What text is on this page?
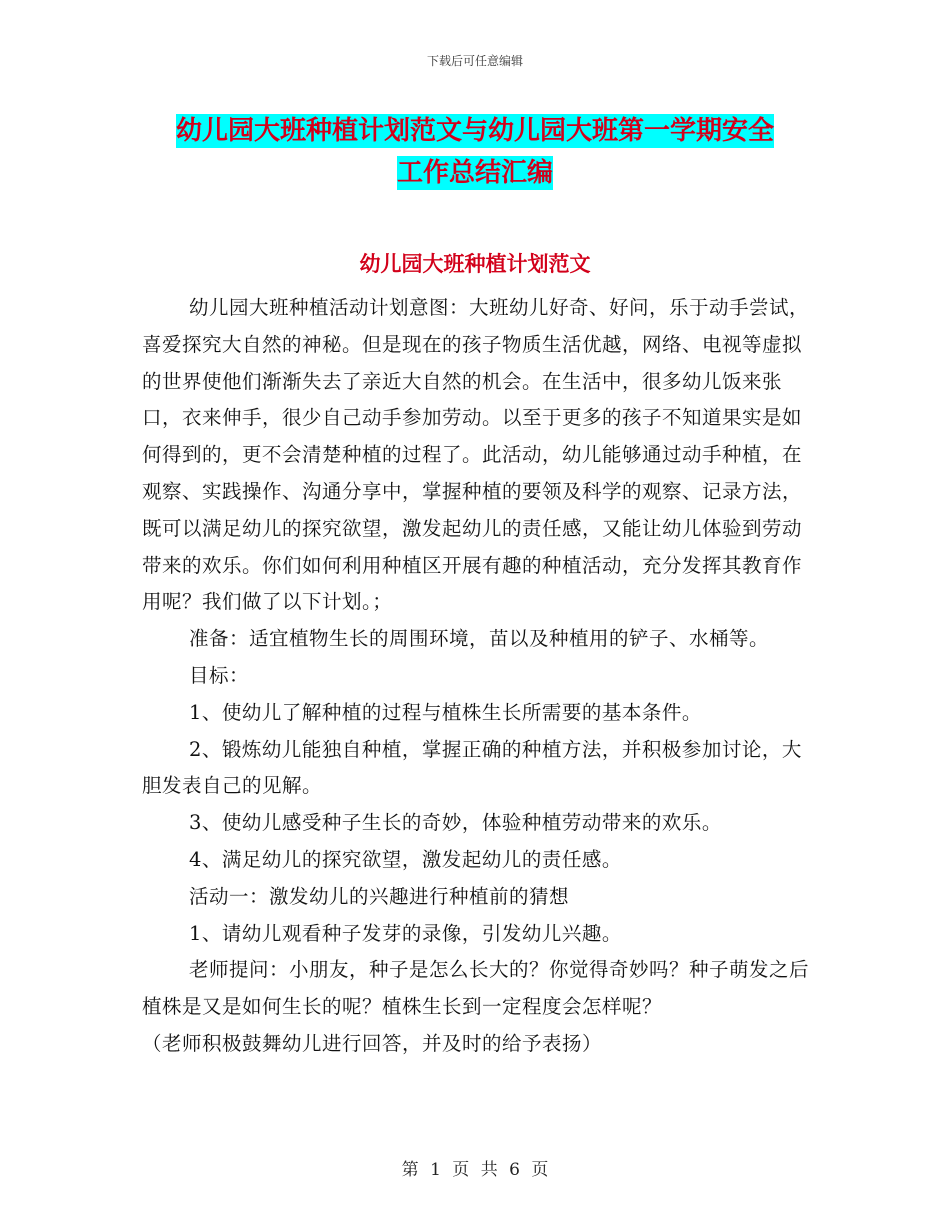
下载后可任意编辑
幼儿园大班种植计划范文与幼儿园大班第一学期安全
工作总结汇编
幼儿园大班种植计划范文

幼儿园大班种植活动计划意图：大班幼儿好奇、好问，乐于动手尝试，喜爱探究大自然的神秘。但是现在的孩子物质生活优越，网络、电视等虚拟的世界使他们渐渐失去了亲近大自然的机会。在生活中，很多幼儿饭来张口，衣来伸手，很少自己动手参加劳动。以至于更多的孩子不知道果实是如何得到的，更不会清楚种植的过程了。此活动，幼儿能够通过动手种植，在观察、实践操作、沟通分享中，掌握种植的要领及科学的观察、记录方法，既可以满足幼儿的探究欲望，激发起幼儿的责任感，又能让幼儿体验到劳动带来的欢乐。你们如何利用种植区开展有趣的种植活动，充分发挥其教育作用呢？我们做了以下计划。；

准备：适宜植物生长的周围环境，苗以及种植用的铲子、水桶等。

目标：

1、使幼儿了解种植的过程与植株生长所需要的基本条件。

2、锻炼幼儿能独自种植，掌握正确的种植方法，并积极参加讨论，大胆发表自己的见解。

3、使幼儿感受种子生长的奇妙，体验种植劳动带来的欢乐。

4、满足幼儿的探究欲望，激发起幼儿的责任感。

活动一：激发幼儿的兴趣进行种植前的猜想

1、请幼儿观看种子发芽的录像，引发幼儿兴趣。

老师提问：小朋友，种子是怎么长大的？你觉得奇妙吗？种子萌发之后植株是又是如何生长的呢？植株生长到一定程度会怎样呢？

（老师积极鼓舞幼儿进行回答，并及时的给予表扬）

第 1 页 共 6 页
